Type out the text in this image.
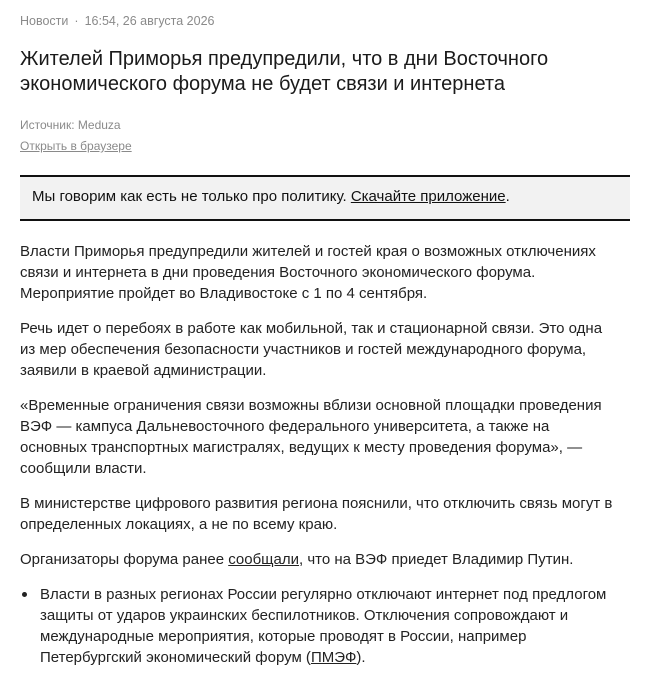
Новости · 16:54, 26 августа 2026
Жителей Приморья предупредили, что в дни Восточного экономического форума не будет связи и интернета
Источник: Meduza
Открыть в браузере
Мы говорим как есть не только про политику. Скачайте приложение.

Власти Приморья предупредили жителей и гостей края о возможных отключениях связи и интернета в дни проведения Восточного экономического форума. Мероприятие пройдет во Владивостоке с 1 по 4 сентября.

Речь идет о перебоях в работе как мобильной, так и стационарной связи. Это одна из мер обеспечения безопасности участников и гостей международного форума, заявили в краевой администрации.

«Временные ограничения связи возможны вблизи основной площадки проведения ВЭФ — кампуса Дальневосточного федерального университета, а также на основных транспортных магистралях, ведущих к месту проведения форума», — сообщили власти.

В министерстве цифрового развития региона пояснили, что отключить связь могут в определенных локациях, а не по всему краю.

Организаторы форума ранее сообщали, что на ВЭФ приедет Владимир Путин.

Власти в разных регионах России регулярно отключают интернет под предлогом защиты от ударов украинских беспилотников. Отключения сопровождают и международные мероприятия, которые проводят в России, например Петербургский экономический форум (ПМЭФ).
